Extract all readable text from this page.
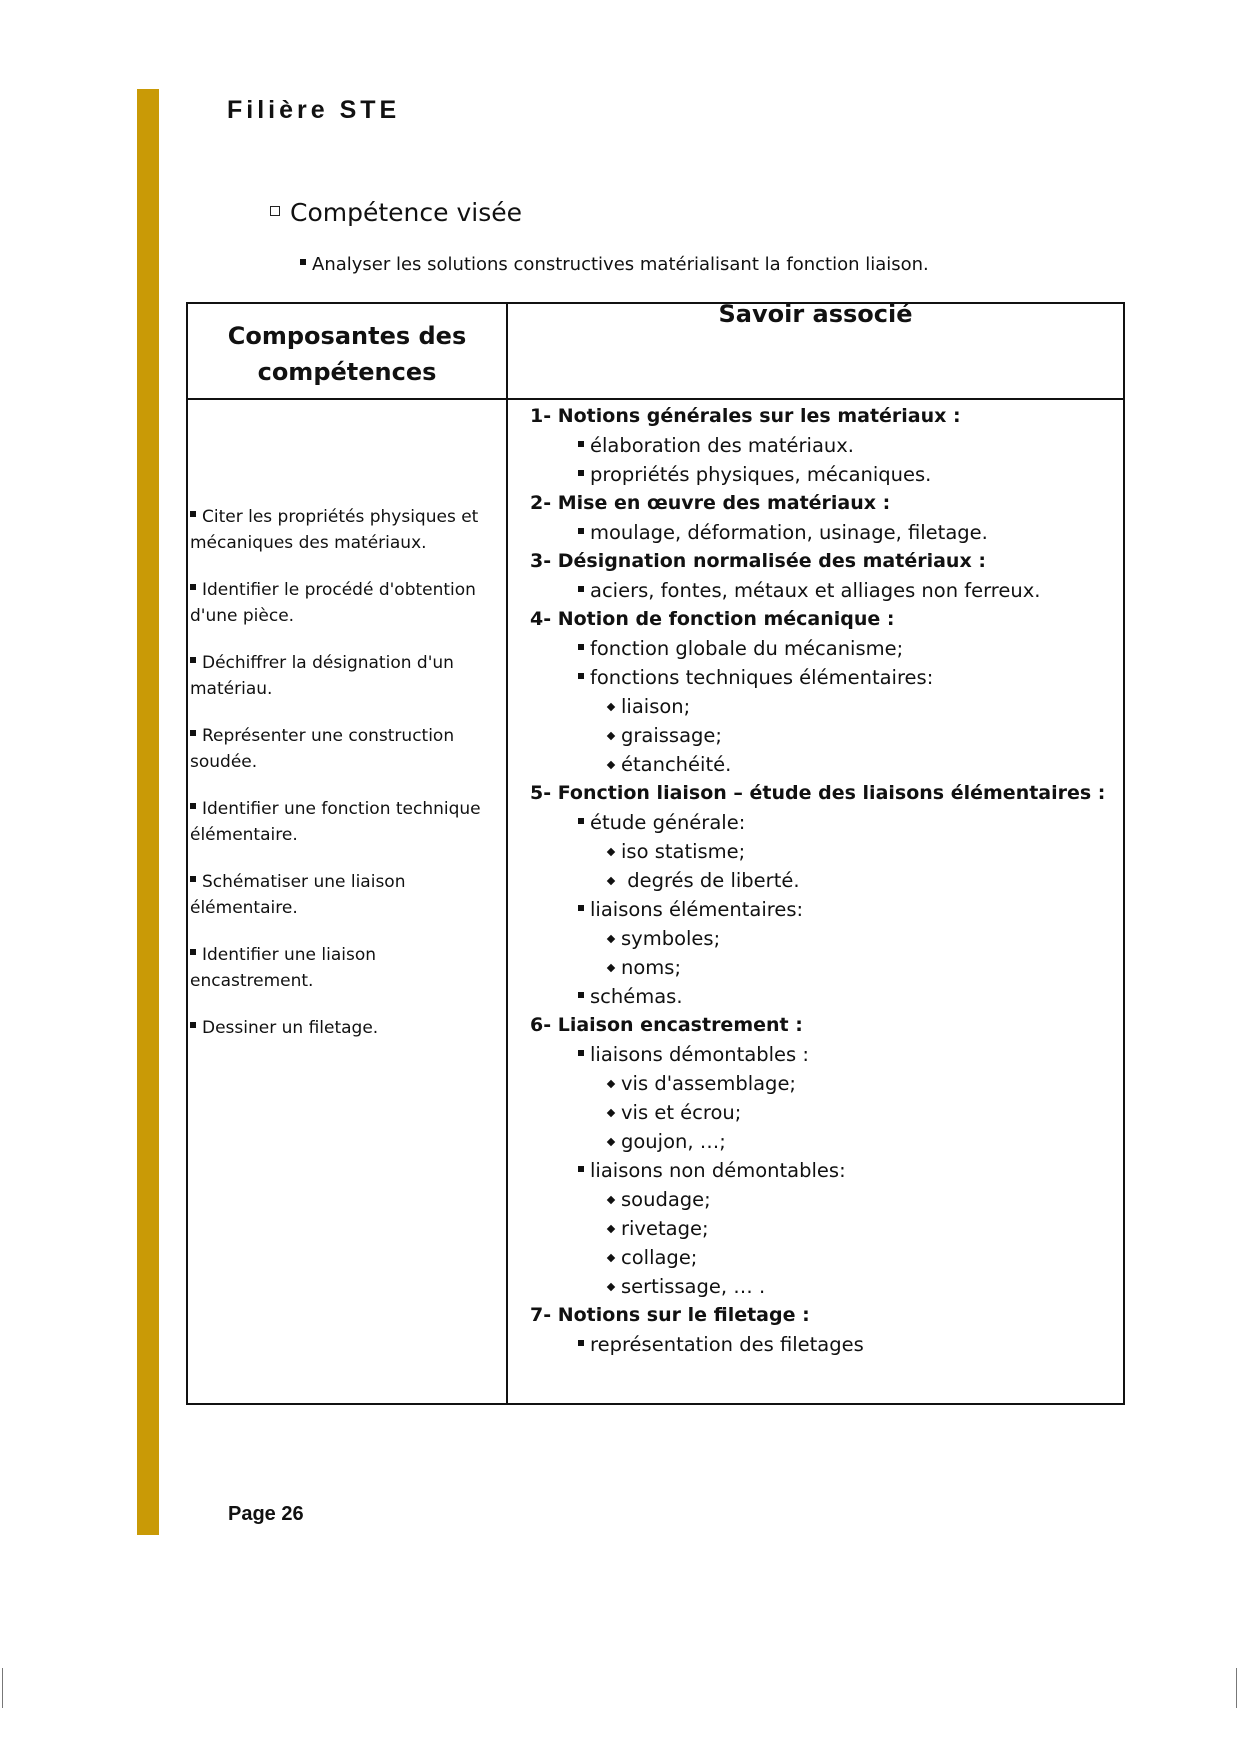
Filière STE
Compétence visée

Analyser les solutions constructives matérialisant la fonction liaison.

Composantes des
compétences
Savoir associé
Citer les propriétés physiques et mécaniques des matériaux.
Identifier le procédé d'obtention d'une pièce.
Déchiffrer la désignation d'un matériau.
Représenter une construction soudée.
Identifier une fonction technique élémentaire.
Schématiser une liaison élémentaire.
Identifier une liaison encastrement.
Dessiner un filetage.
1- Notions générales sur les matériaux :
élaboration des matériaux.
propriétés physiques, mécaniques.
2- Mise en œuvre des matériaux :
moulage, déformation, usinage, filetage.
3- Désignation normalisée des matériaux :
aciers, fontes, métaux et alliages non ferreux.
4- Notion de fonction mécanique :
fonction globale du mécanisme;
fonctions techniques élémentaires:
liaison;
graissage;
étanchéité.
5- Fonction liaison – étude des liaisons élémentaires :
étude générale:
iso statisme;
degrés de liberté.
liaisons élémentaires:
symboles;
noms;
schémas.
6- Liaison encastrement :
liaisons démontables :
vis d'assemblage;
vis et écrou;
goujon, …;
liaisons non démontables:
soudage;
rivetage;
collage;
sertissage, … .
7- Notions sur le filetage :
représentation des filetages

Page 26
